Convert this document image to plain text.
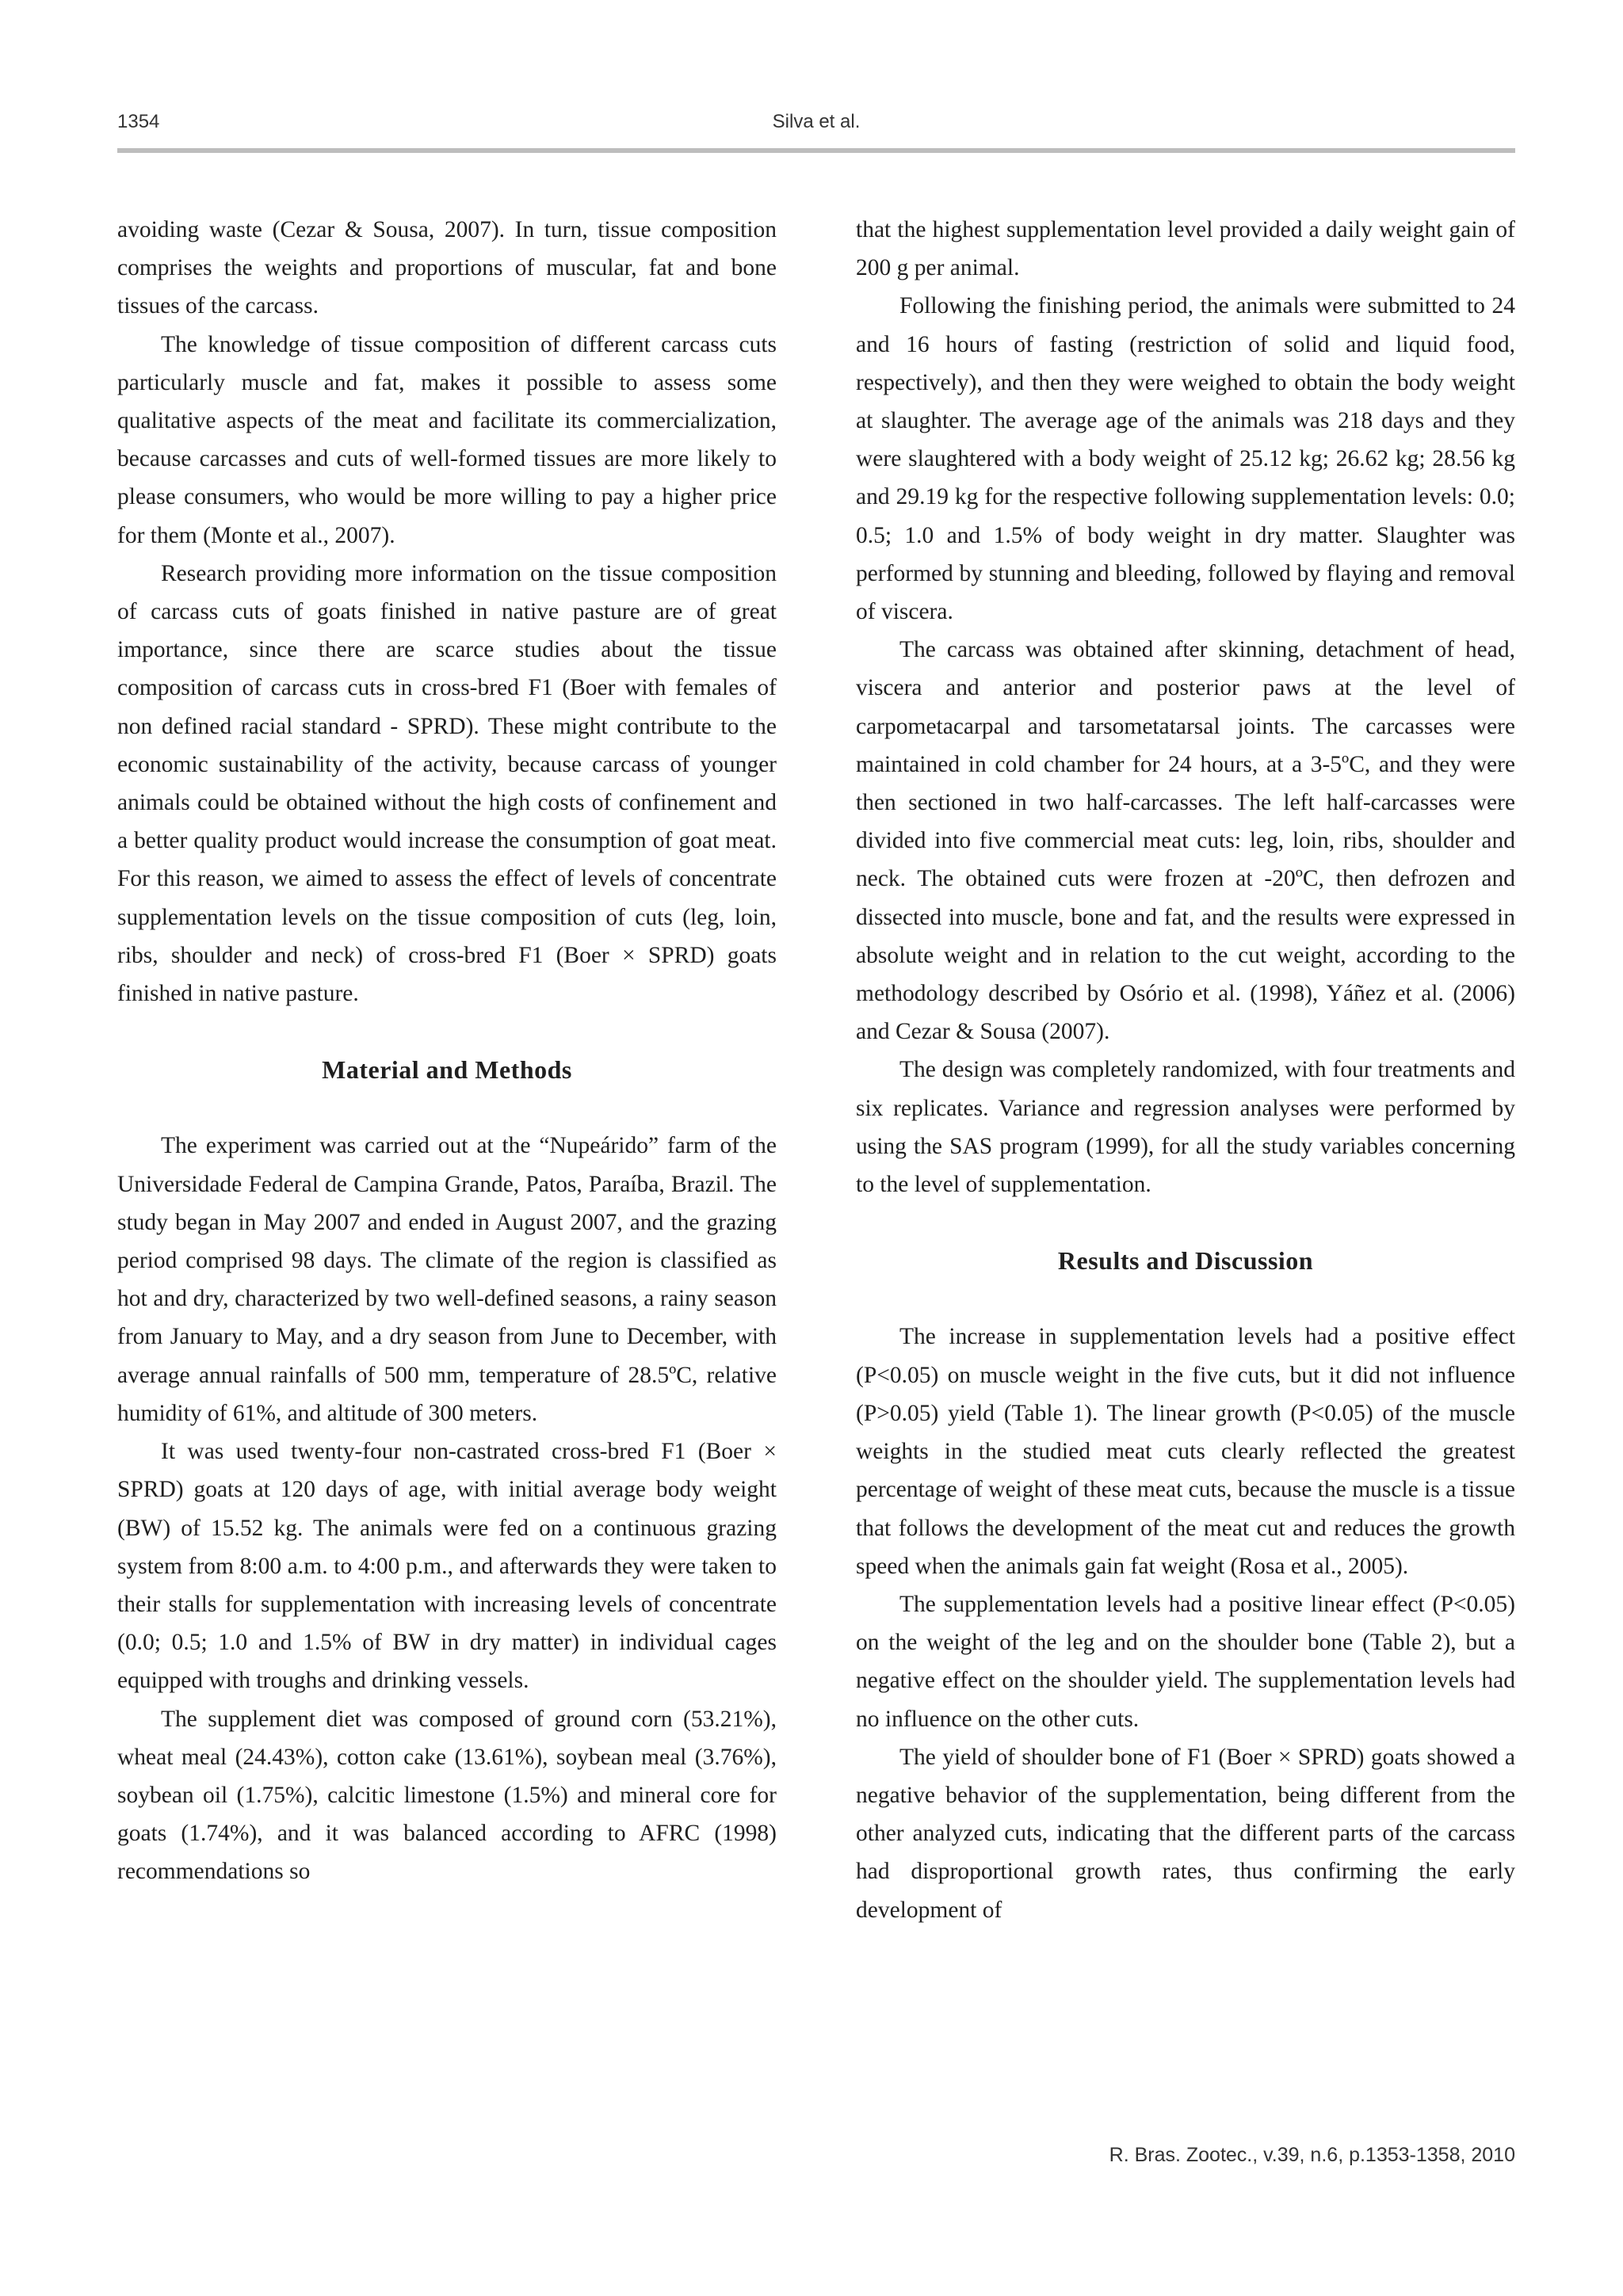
1354	Silva et al.

avoiding waste (Cezar & Sousa, 2007). In turn, tissue composition comprises the weights and proportions of muscular, fat and bone tissues of the carcass.

The knowledge of tissue composition of different carcass cuts particularly muscle and fat, makes it possible to assess some qualitative aspects of the meat and facilitate its commercialization, because carcasses and cuts of well-formed tissues are more likely to please consumers, who would be more willing to pay a higher price for them (Monte et al., 2007).

Research providing more information on the tissue composition of carcass cuts of goats finished in native pasture are of great importance, since there are scarce studies about the tissue composition of carcass cuts in cross-bred F1 (Boer with females of non defined racial standard - SPRD). These might contribute to the economic sustainability of the activity, because carcass of younger animals could be obtained without the high costs of confinement and a better quality product would increase the consumption of goat meat. For this reason, we aimed to assess the effect of levels of concentrate supplementation levels on the tissue composition of cuts (leg, loin, ribs, shoulder and neck) of cross-bred F1 (Boer × SPRD) goats finished in native pasture.

Material and Methods

The experiment was carried out at the “Nupeárido” farm of the Universidade Federal de Campina Grande, Patos, Paraíba, Brazil. The study began in May 2007 and ended in August 2007, and the grazing period comprised 98 days. The climate of the region is classified as hot and dry, characterized by two well-defined seasons, a rainy season from January to May, and a dry season from June to December, with average annual rainfalls of 500 mm, temperature of 28.5ºC, relative humidity of 61%, and altitude of 300 meters.

It was used twenty-four non-castrated cross-bred F1 (Boer × SPRD) goats at 120 days of age, with initial average body weight (BW) of 15.52 kg. The animals were fed on a continuous grazing system from 8:00 a.m. to 4:00 p.m., and afterwards they were taken to their stalls for supplementation with increasing levels of concentrate (0.0; 0.5; 1.0 and 1.5% of BW in dry matter) in individual cages equipped with troughs and drinking vessels.

The supplement diet was composed of ground corn (53.21%), wheat meal (24.43%), cotton cake (13.61%), soybean meal (3.76%), soybean oil (1.75%), calcitic limestone (1.5%) and mineral core for goats (1.74%), and it was balanced according to AFRC (1998) recommendations so

that the highest supplementation level provided a daily weight gain of 200 g per animal.

Following the finishing period, the animals were submitted to 24 and 16 hours of fasting (restriction of solid and liquid food, respectively), and then they were weighed to obtain the body weight at slaughter. The average age of the animals was 218 days and they were slaughtered with a body weight of 25.12 kg; 26.62 kg; 28.56 kg and 29.19 kg for the respective following supplementation levels: 0.0; 0.5; 1.0 and 1.5% of body weight in dry matter. Slaughter was performed by stunning and bleeding, followed by flaying and removal of viscera.

The carcass was obtained after skinning, detachment of head, viscera and anterior and posterior paws at the level of carpometacarpal and tarsometatarsal joints. The carcasses were maintained in cold chamber for 24 hours, at a 3-5ºC, and they were then sectioned in two half-carcasses. The left half-carcasses were divided into five commercial meat cuts: leg, loin, ribs, shoulder and neck. The obtained cuts were frozen at -20ºC, then defrozen and dissected into muscle, bone and fat, and the results were expressed in absolute weight and in relation to the cut weight, according to the methodology described by Osório et al. (1998), Yáñez et al. (2006) and Cezar & Sousa (2007).

The design was completely randomized, with four treatments and six replicates. Variance and regression analyses were performed by using the SAS program (1999), for all the study variables concerning to the level of supplementation.

Results and Discussion

The increase in supplementation levels had a positive effect (P<0.05) on muscle weight in the five cuts, but it did not influence (P>0.05) yield (Table 1). The linear growth (P<0.05) of the muscle weights in the studied meat cuts clearly reflected the greatest percentage of weight of these meat cuts, because the muscle is a tissue that follows the development of the meat cut and reduces the growth speed when the animals gain fat weight (Rosa et al., 2005).

The supplementation levels had a positive linear effect (P<0.05) on the weight of the leg and on the shoulder bone (Table 2), but a negative effect on the shoulder yield. The supplementation levels had no influence on the other cuts.

The yield of shoulder bone of F1 (Boer × SPRD) goats showed a negative behavior of the supplementation, being different from the other analyzed cuts, indicating that the different parts of the carcass had disproportional growth rates, thus confirming the early development of

R. Bras. Zootec., v.39, n.6, p.1353-1358, 2010
